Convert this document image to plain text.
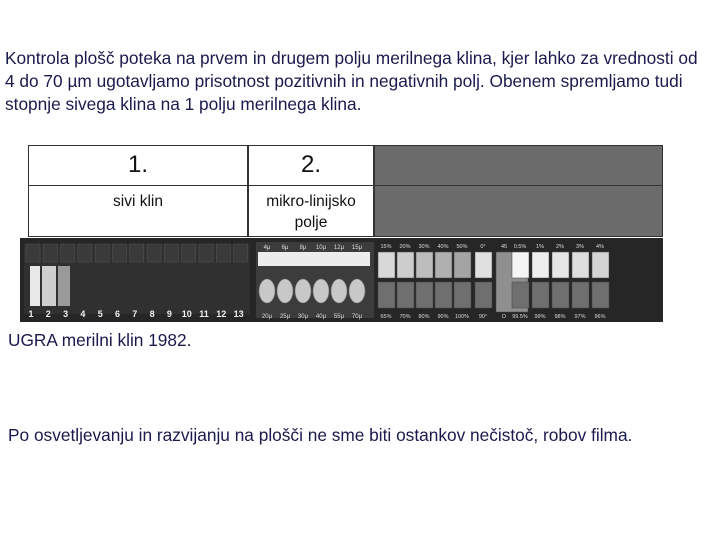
Kontrola plošč poteka na prvem in drugem polju merilnega klina, kjer lahko za vrednosti od 4 do 70 µm ugotavljamo prisotnost pozitivnih in negativnih polj. Obenem spremljamo tudi stopnje sivega klina na 1 polju merilnega klina.

1.	2.
sivi klin	mikro-linijsko polje
1 2 3 4 5 6 7 8 9 10 11 12 13
4μ 6μ 8μ 10μ 12μ 15μ
20μ 25μ 30μ 40μ 55μ 70μ
15% 20% 30% 40% 50% 0°	45 0.5% 1% 2% 3% 4%
65% 70% 80% 90% 100% 90°	D 99.5% 99% 98% 97% 96%

UGRA merilni klin 1982.

Po osvetljevanju in razvijanju na plošči ne sme biti ostankov nečistoč, robov filma.
